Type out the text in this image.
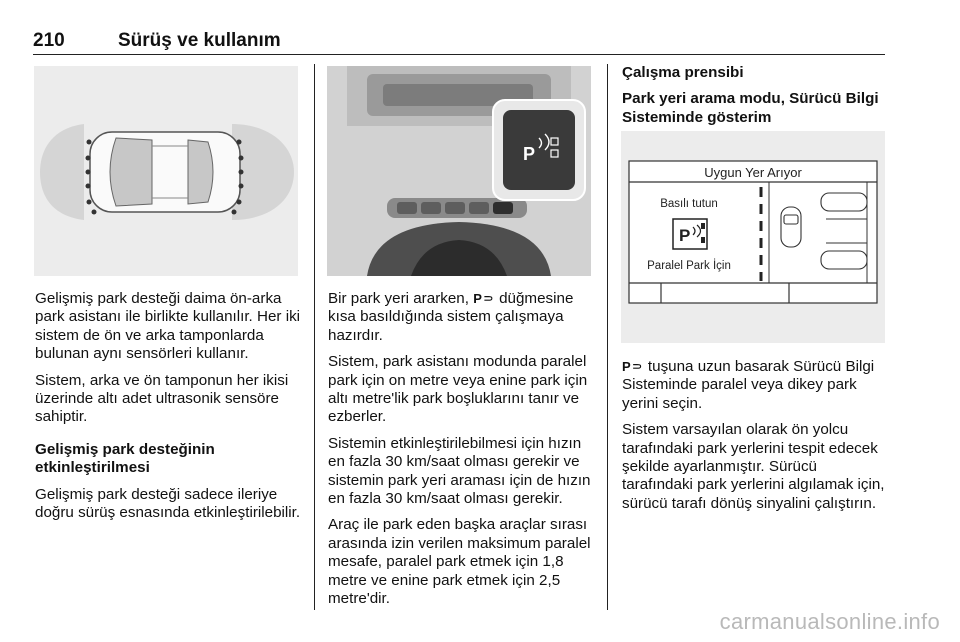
210	Sürüş ve kullanım
P
Uygun Yer Arıyor
Basılı tutun
P
Paralel Park İçin

Gelişmiş park desteği daima ön-arka park asistanı ile birlikte kullanılır. Her iki sistem de ön ve arka tamponlarda bulunan aynı sensörleri kullanır.

Sistem, arka ve ön tamponun her ikisi üzerinde altı adet ultrasonik sensöre sahiptir.

Gelişmiş park desteğinin etkinleştirilmesi

Gelişmiş park desteği sadece ileriye doğru sürüş esnasında etkinleştirilebilir.

Bir park yeri ararken, P⸧ düğmesine kısa basıldığında sistem çalışmaya hazırdır.

Sistem, park asistanı modunda paralel park için on metre veya enine park için altı metre'lik park boşluklarını tanır ve ezberler.

Sistemin etkinleştirilebilmesi için hızın en fazla 30 km/saat olması gerekir ve sistemin park yeri araması için de hızın en fazla 30 km/saat olması gerekir.

Araç ile park eden başka araçlar sırası arasında izin verilen maksimum paralel mesafe, paralel park etmek için 1,8 metre ve enine park etmek için 2,5 metre'dir.

Çalışma prensibi

Park yeri arama modu, Sürücü Bilgi Sisteminde gösterim

P⸧ tuşuna uzun basarak Sürücü Bilgi Sisteminde paralel veya dikey park yerini seçin.

Sistem varsayılan olarak ön yolcu tarafındaki park yerlerini tespit edecek şekilde ayarlanmıştır. Sürücü tarafındaki park yerlerini algılamak için, sürücü tarafı dönüş sinyalini çalıştırın.

carmanualsonline.info
